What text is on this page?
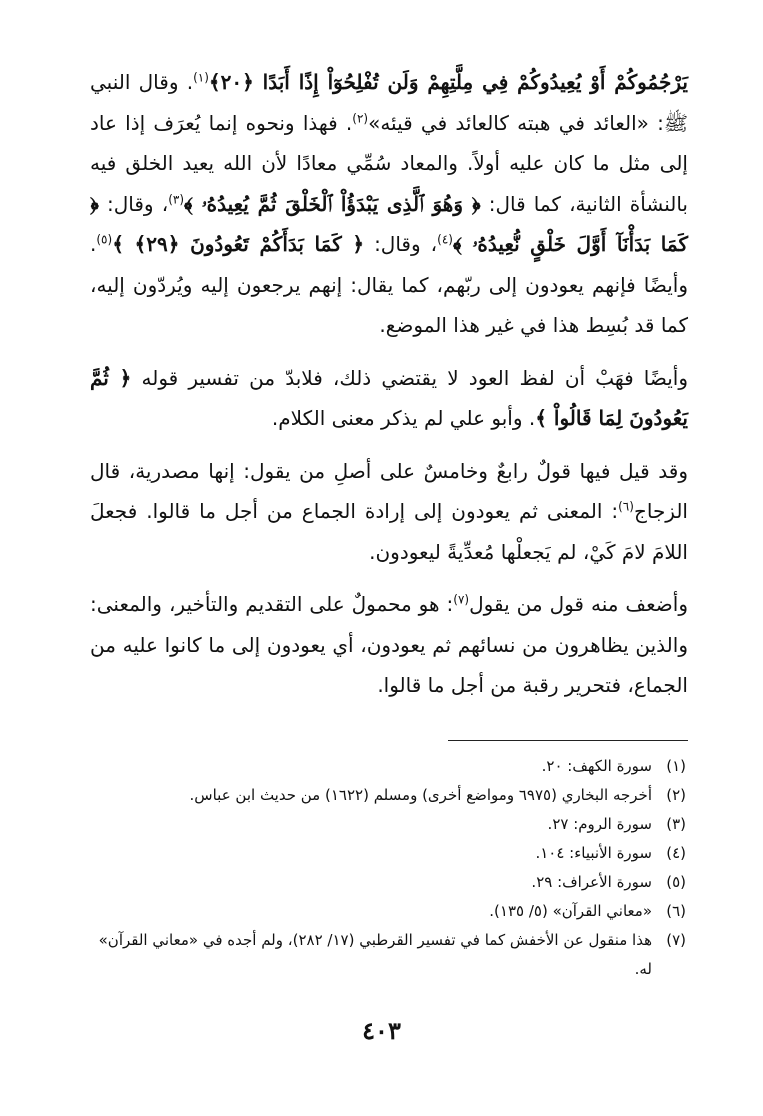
يَرْجُمُوكُمْ أَوْ يُعِيدُوكُمْ فِي مِلَّتِهِمْ وَلَن تُفْلِحُوٓاْ إِذًا أَبَدًا ﴿٢٠﴾$^{(١)}$. وقال النبي ﷺ: «العائد في هبته كالعائد في قيئه»$^{(٢)}$. فهذا ونحوه إنما يُعرَف إذا عاد إلى مثل ما كان عليه أولاً. والمعاد سُمِّي معادًا لأن الله يعيد الخلق فيه بالنشأة الثانية، كما قال: ﴿ وَهُوَ ٱلَّذِى يَبْدَؤُاْ ٱلْخَلْقَ ثُمَّ يُعِيدُهُۥ ﴾$^{(٣)}$، وقال: ﴿ كَمَا بَدَأْنَآ أَوَّلَ خَلْقٍ نُّعِيدُهُۥ ﴾$^{(٤)}$، وقال: ﴿ كَمَا بَدَأَكُمْ تَعُودُونَ ﴿٢٩﴾ ﴾$^{(٥)}$. وأيضًا فإنهم يعودون إلى ربّهم، كما يقال: إنهم يرجعون إليه ويُردّون إليه، كما قد بُسِط هذا في غير هذا الموضع.

وأيضًا فهَبْ أن لفظ العود لا يقتضي ذلك، فلابدّ من تفسير قوله ﴿ ثُمَّ يَعُودُونَ لِمَا قَالُواْ ﴾. وأبو علي لم يذكر معنى الكلام.

وقد قيل فيها قولٌ رابعٌ وخامسٌ على أصلِ من يقول: إنها مصدرية، قال الزجاج$^{(٦)}$: المعنى ثم يعودون إلى إرادة الجماع من أجل ما قالوا. فجعلَ اللامَ لامَ كَيْ، لم يَجعلْها مُعدِّيةً ليعودون.

وأضعف منه قول من يقول$^{(٧)}$: هو محمولٌ على التقديم والتأخير، والمعنى: والذين يظاهرون من نسائهم ثم يعودون، أي يعودون إلى ما كانوا عليه من الجماع، فتحرير رقبة من أجل ما قالوا.

(١)
سورة الكهف: ٢٠.
(٢)
أخرجه البخاري (٦٩٧٥ ومواضع أخرى) ومسلم (١٦٢٢) من حديث ابن عباس.
(٣)
سورة الروم: ٢٧.
(٤)
سورة الأنبياء: ١٠٤.
(٥)
سورة الأعراف: ٢٩.
(٦)
«معاني القرآن» (٥/ ١٣٥).
(٧)
هذا منقول عن الأخفش كما في تفسير القرطبي (١٧/ ٢٨٢)، ولم أجده في «معاني القرآن» له.
٤٠٣
